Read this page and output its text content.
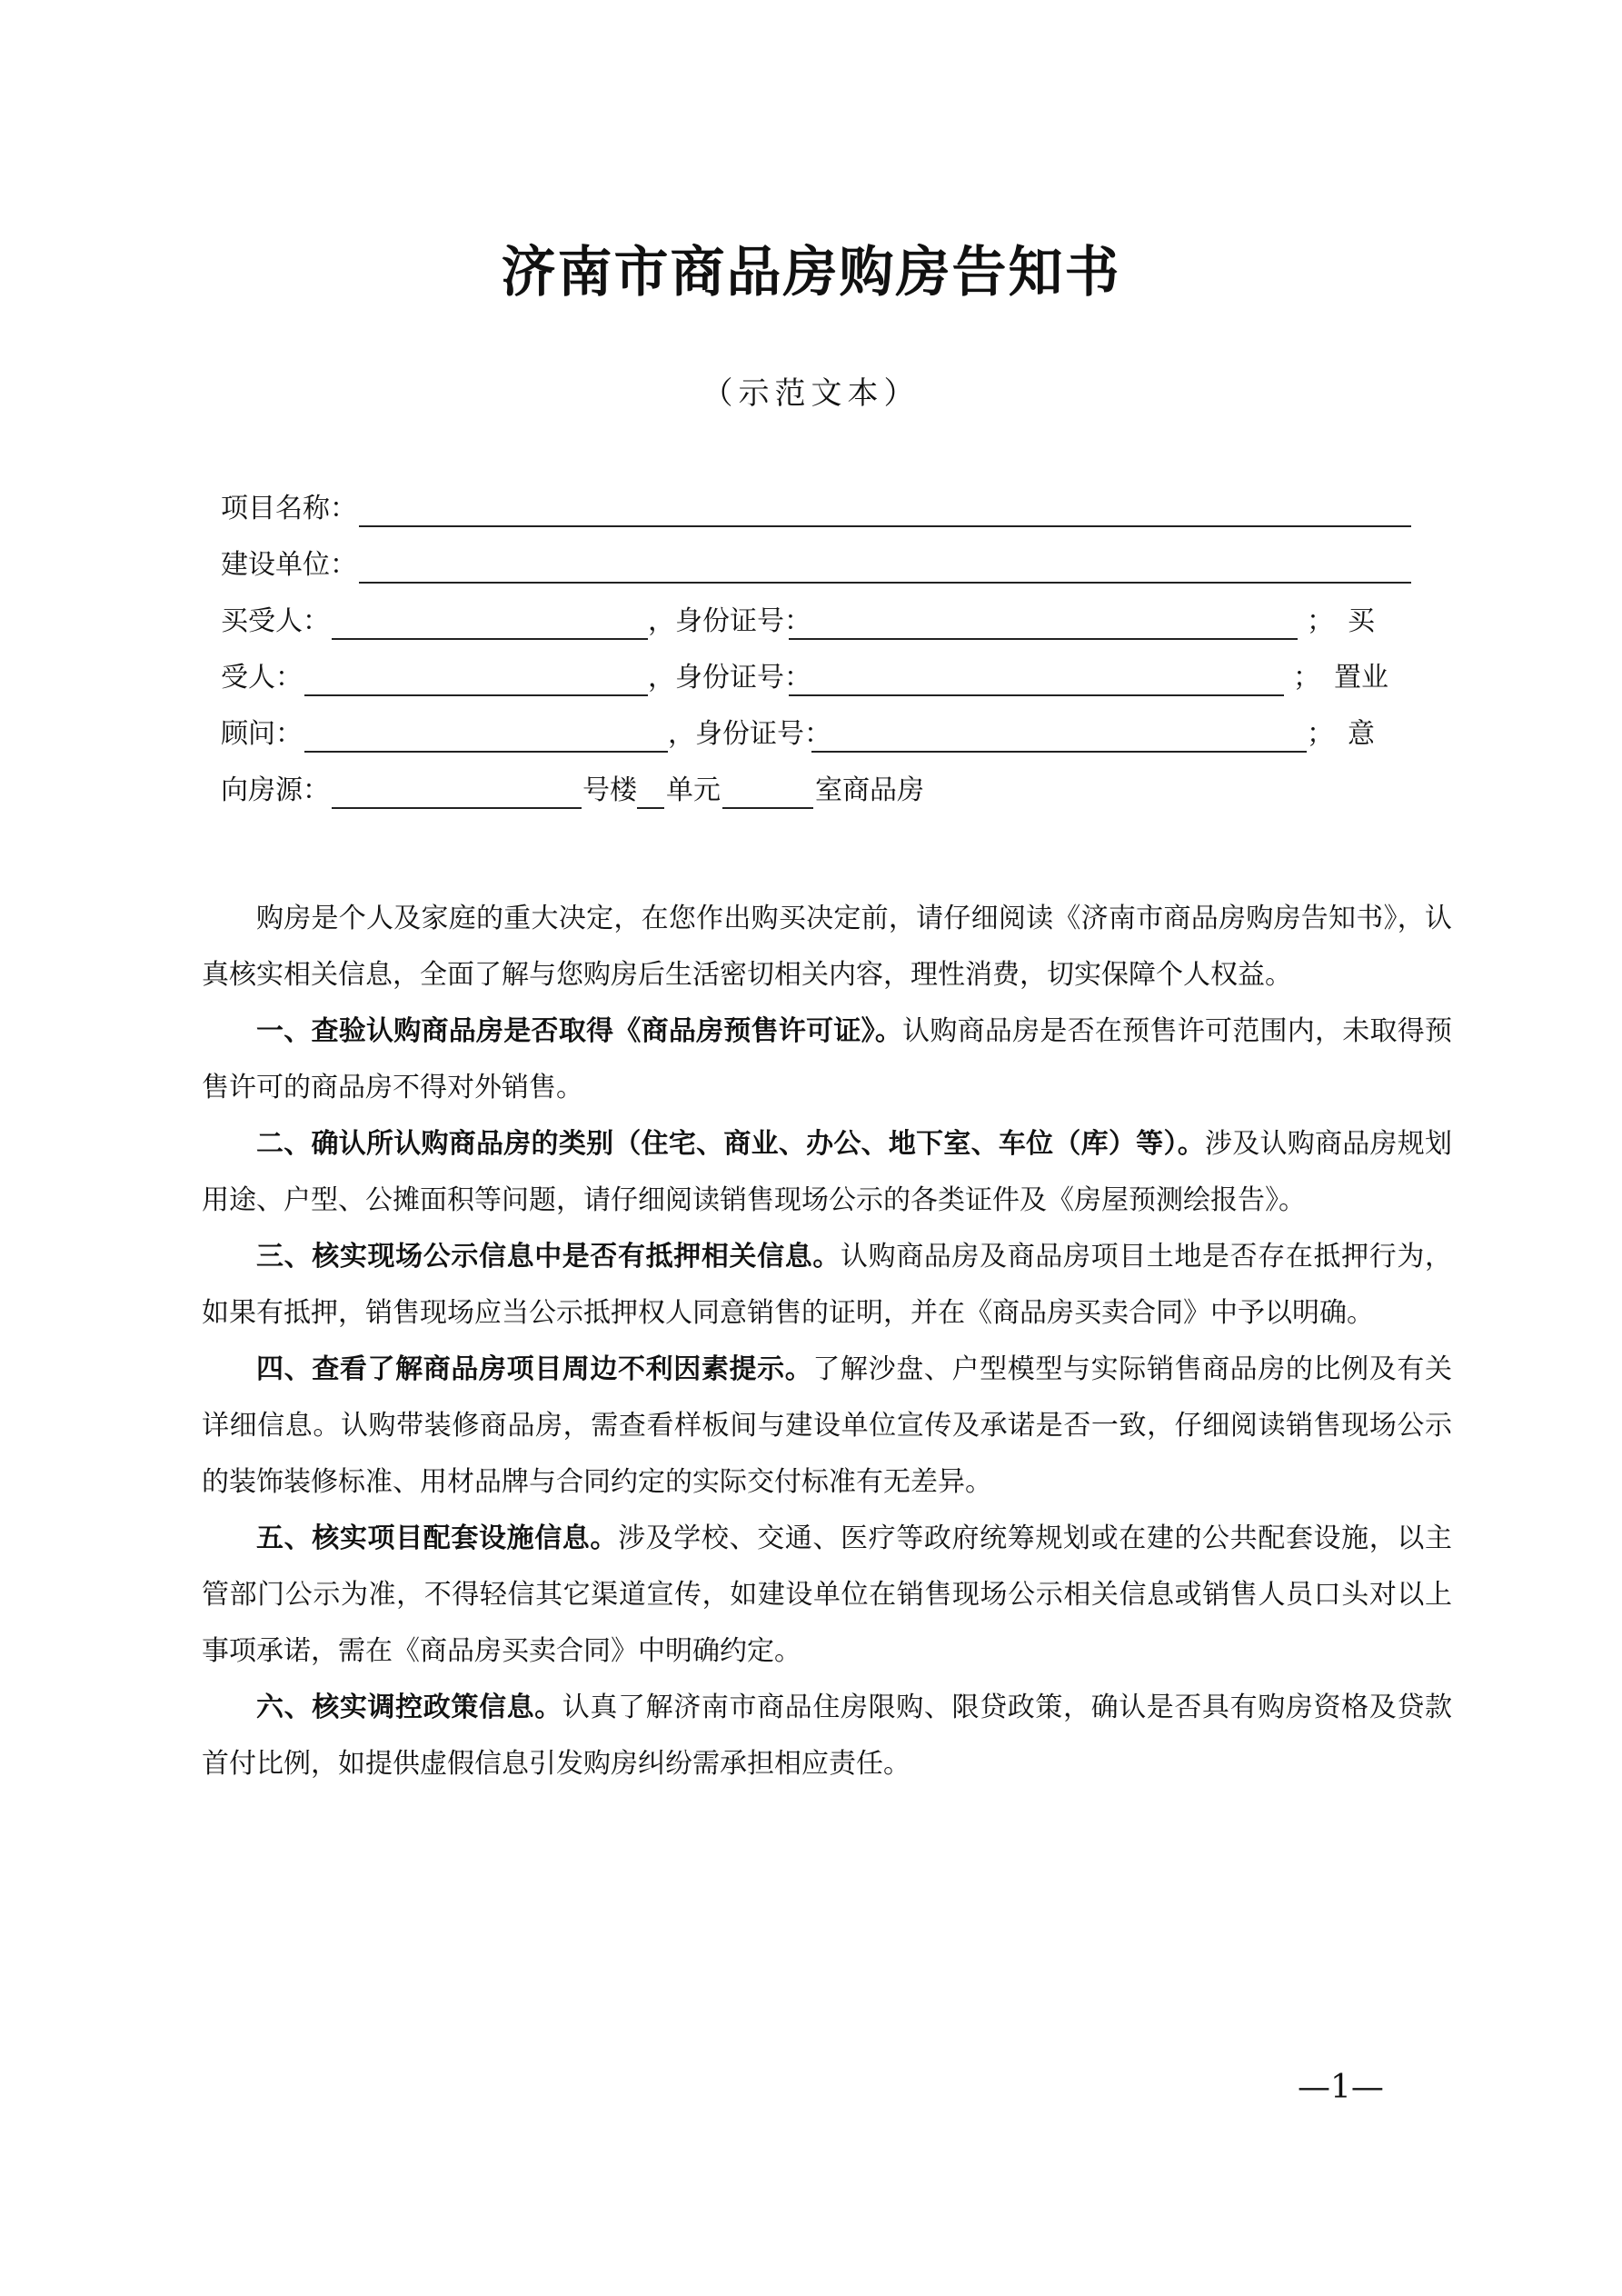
济南市商品房购房告知书
（示范文本）
项目名称：
建设单位：
买受人：	，身份证号：	；　买
受人：	，身份证号：	；　置业
顾问：	，身份证号：	；　意
向房源：	号楼 单元	室商品房

购房是个人及家庭的重大决定，在您作出购买决定前，请仔细阅读《济南市商品房购房告知书》，认真核实相关信息，全面了解与您购房后生活密切相关内容，理性消费，切实保障个人权益。

一、查验认购商品房是否取得《商品房预售许可证》。认购商品房是否在预售许可范围内，未取得预售许可的商品房不得对外销售。

二、确认所认购商品房的类别（住宅、商业、办公、地下室、车位（库）等）。涉及认购商品房规划用途、户型、公摊面积等问题，请仔细阅读销售现场公示的各类证件及《房屋预测绘报告》。

三、核实现场公示信息中是否有抵押相关信息。认购商品房及商品房项目土地是否存在抵押行为，如果有抵押，销售现场应当公示抵押权人同意销售的证明，并在《商品房买卖合同》中予以明确。

四、查看了解商品房项目周边不利因素提示。了解沙盘、户型模型与实际销售商品房的比例及有关详细信息。认购带装修商品房，需查看样板间与建设单位宣传及承诺是否一致，仔细阅读销售现场公示的装饰装修标准、用材品牌与合同约定的实际交付标准有无差异。

五、核实项目配套设施信息。涉及学校、交通、医疗等政府统筹规划或在建的公共配套设施，以主管部门公示为准，不得轻信其它渠道宣传，如建设单位在销售现场公示相关信息或销售人员口头对以上事项承诺，需在《商品房买卖合同》中明确约定。

六、核实调控政策信息。认真了解济南市商品住房限购、限贷政策，确认是否具有购房资格及贷款首付比例，如提供虚假信息引发购房纠纷需承担相应责任。

—1—
